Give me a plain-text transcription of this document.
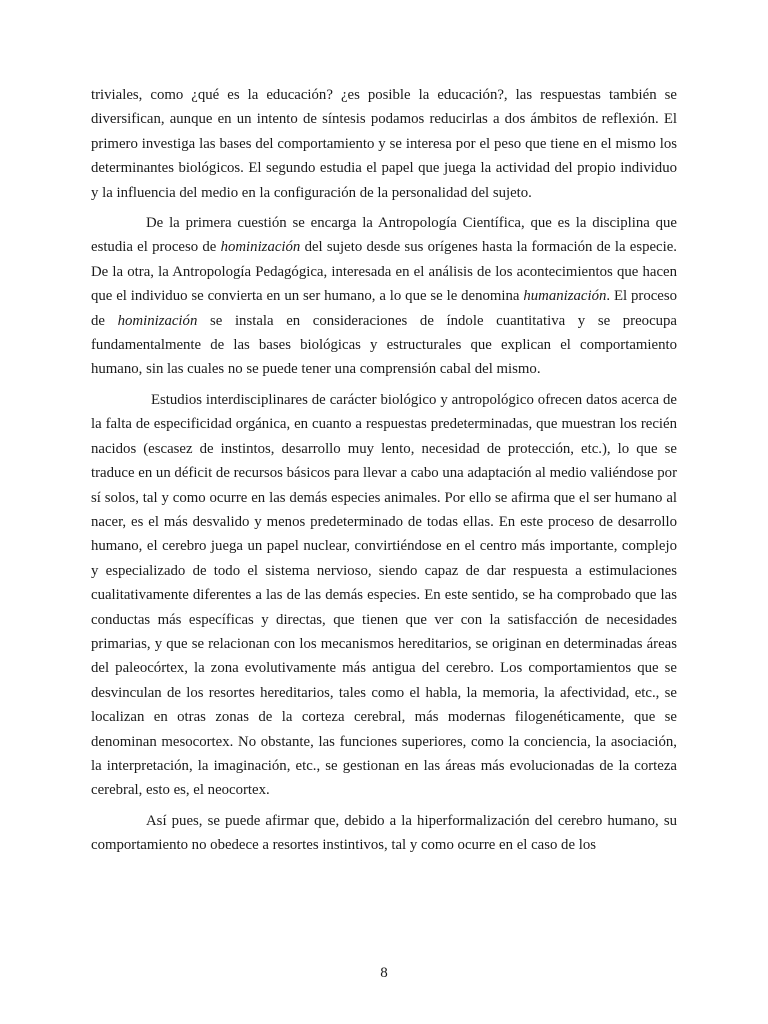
triviales, como ¿qué es la educación? ¿es posible la educación?, las respuestas también se diversifican, aunque en un intento de síntesis podamos reducirlas a dos ámbitos de reflexión. El primero investiga las bases del comportamiento y se interesa por el peso que tiene en el mismo los determinantes biológicos. El segundo estudia el papel que juega la actividad del propio individuo y la influencia del medio en la configuración de la personalidad del sujeto.

De la primera cuestión se encarga la Antropología Científica, que es la disciplina que estudia el proceso de hominización del sujeto desde sus orígenes hasta la formación de la especie. De la otra, la Antropología Pedagógica, interesada en el análisis de los acontecimientos que hacen que el individuo se convierta en un ser humano, a lo que se le denomina humanización. El proceso de hominización se instala en consideraciones de índole cuantitativa y se preocupa fundamentalmente de las bases biológicas y estructurales que explican el comportamiento humano, sin las cuales no se puede tener una comprensión cabal del mismo.

Estudios interdisciplinares de carácter biológico y antropológico ofrecen datos acerca de la falta de especificidad orgánica, en cuanto a respuestas predeterminadas, que muestran los recién nacidos (escasez de instintos, desarrollo muy lento, necesidad de protección, etc.), lo que se traduce en un déficit de recursos básicos para llevar a cabo una adaptación al medio valiéndose por sí solos, tal y como ocurre en las demás especies animales. Por ello se afirma que el ser humano al nacer, es el más desvalido y menos predeterminado de todas ellas. En este proceso de desarrollo humano, el cerebro juega un papel nuclear, convirtiéndose en el centro más importante, complejo y especializado de todo el sistema nervioso, siendo capaz de dar respuesta a estimulaciones cualitativamente diferentes a las de las demás especies. En este sentido, se ha comprobado que las conductas más específicas y directas, que tienen que ver con la satisfacción de necesidades primarias, y que se relacionan con los mecanismos hereditarios, se originan en determinadas áreas del paleocórtex, la zona evolutivamente más antigua del cerebro. Los comportamientos que se desvinculan de los resortes hereditarios, tales como el habla, la memoria, la afectividad, etc., se localizan en otras zonas de la corteza cerebral, más modernas filogenéticamente, que se denominan mesocortex. No obstante, las funciones superiores, como la conciencia, la asociación, la interpretación, la imaginación, etc., se gestionan en las áreas más evolucionadas de la corteza cerebral, esto es, el neocortex.

Así pues, se puede afirmar que, debido a la hiperformalización del cerebro humano, su comportamiento no obedece a resortes instintivos, tal y como ocurre en el caso de los

8
